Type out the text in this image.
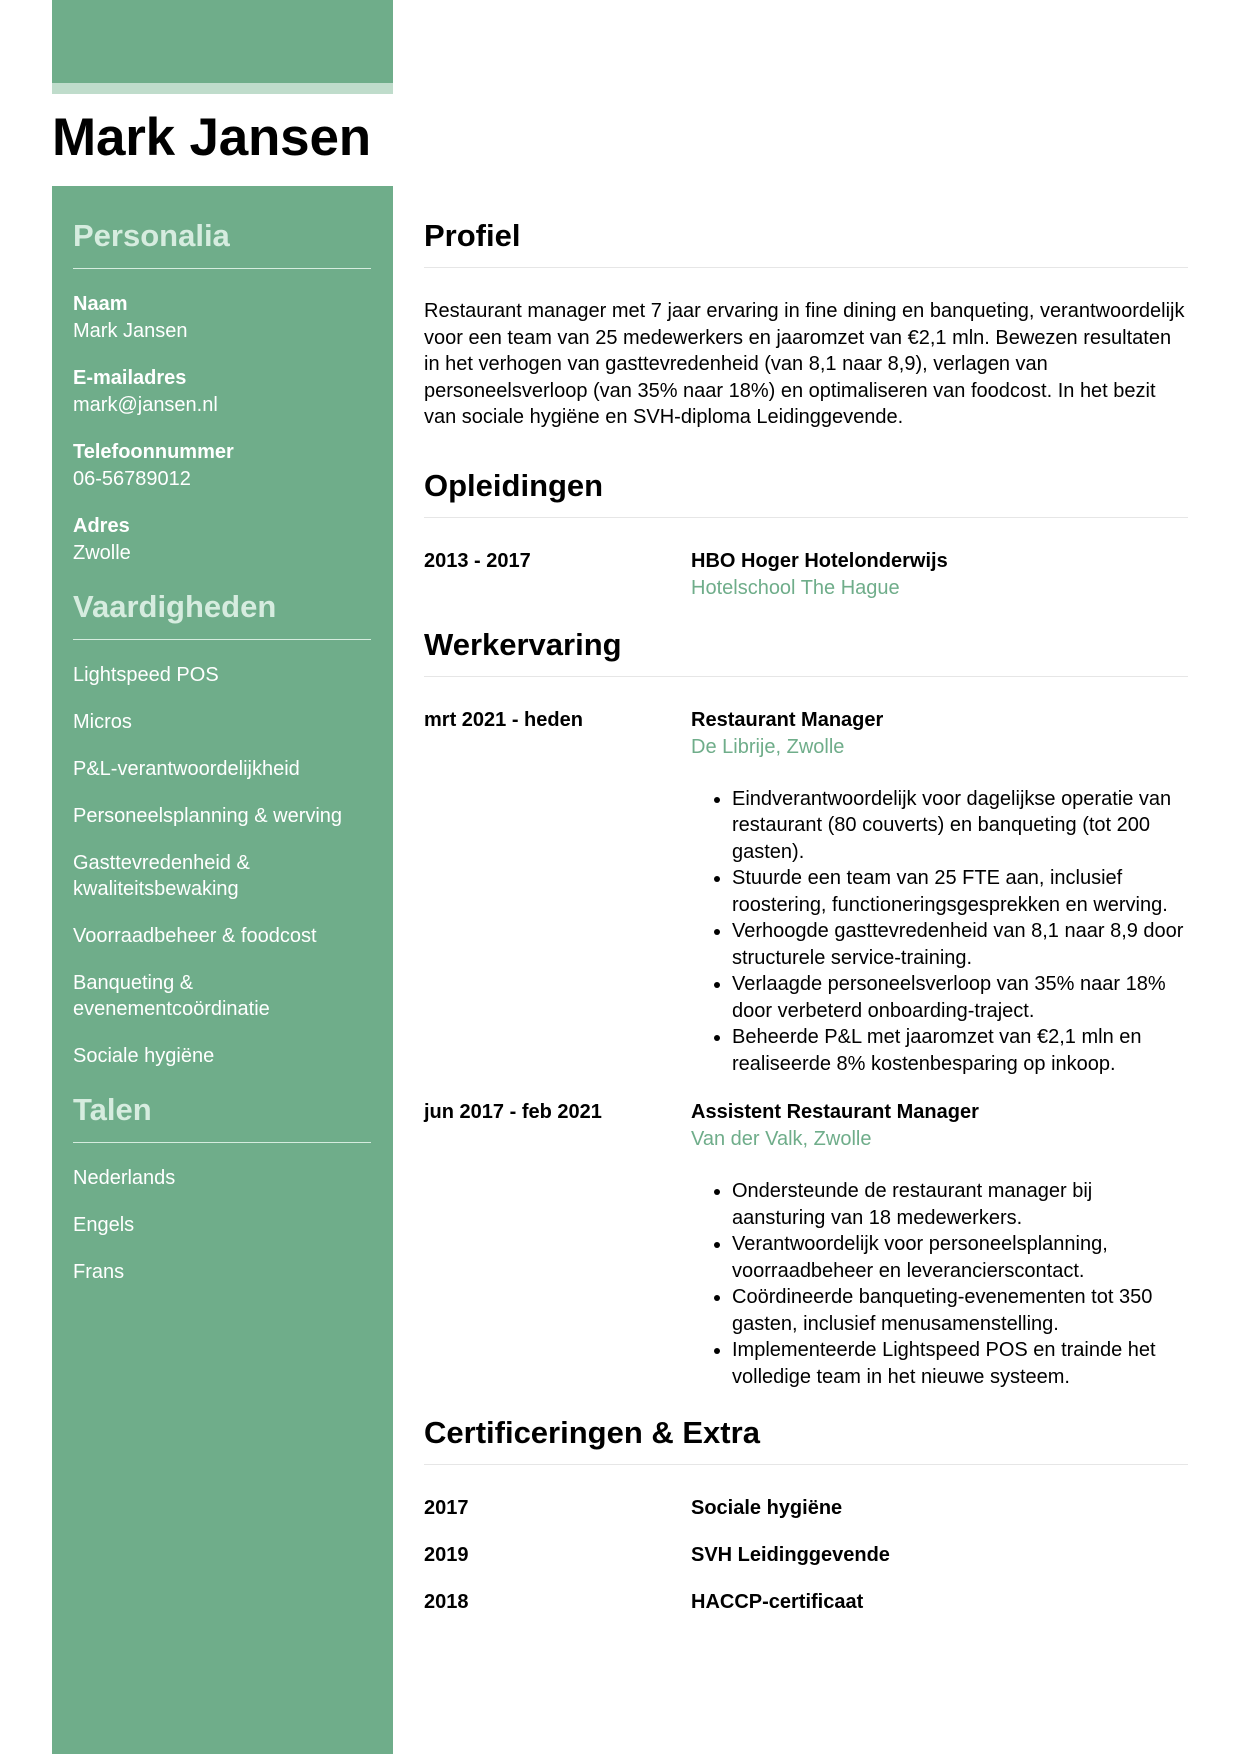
Mark Jansen
Personalia
Naam
Mark Jansen
E-mailadres
mark@jansen.nl
Telefoonnummer
06-56789012
Adres
Zwolle
Vaardigheden
Lightspeed POS
Micros
P&L-verantwoordelijkheid
Personeelsplanning & werving
Gasttevredenheid & kwaliteitsbewaking
Voorraadbeheer & foodcost
Banqueting & evenementcoördinatie
Sociale hygiëne
Talen
Nederlands
Engels
Frans
Profiel

Restaurant manager met 7 jaar ervaring in fine dining en banqueting, verantwoordelijk voor een team van 25 medewerkers en jaaromzet van €2,1 mln. Bewezen resultaten in het verhogen van gasttevredenheid (van 8,1 naar 8,9), verlagen van personeelsverloop (van 35% naar 18%) en optimaliseren van foodcost. In het bezit van sociale hygiëne en SVH-diploma Leidinggevende.

Opleidingen
2013 - 2017	HBO Hoger Hotelonderwijs
Hotelschool The Hague
Werkervaring
mrt 2021 - heden	Restaurant Manager
De Librije, Zwolle
• Eindverantwoordelijk voor dagelijkse operatie van restaurant (80 couverts) en banqueting (tot 200 gasten).
• Stuurde een team van 25 FTE aan, inclusief roostering, functioneringsgesprekken en werving.
• Verhoogde gasttevredenheid van 8,1 naar 8,9 door structurele service-training.
• Verlaagde personeelsverloop van 35% naar 18% door verbeterd onboarding-traject.
• Beheerde P&L met jaaromzet van €2,1 mln en realiseerde 8% kostenbesparing op inkoop.
jun 2017 - feb 2021	Assistent Restaurant Manager
Van der Valk, Zwolle
• Ondersteunde de restaurant manager bij aansturing van 18 medewerkers.
• Verantwoordelijk voor personeelsplanning, voorraadbeheer en leverancierscontact.
• Coördineerde banqueting-evenementen tot 350 gasten, inclusief menusamenstelling.
• Implementeerde Lightspeed POS en trainde het volledige team in het nieuwe systeem.
Certificeringen & Extra
2017	Sociale hygiëne
2019	SVH Leidinggevende
2018	HACCP-certificaat
